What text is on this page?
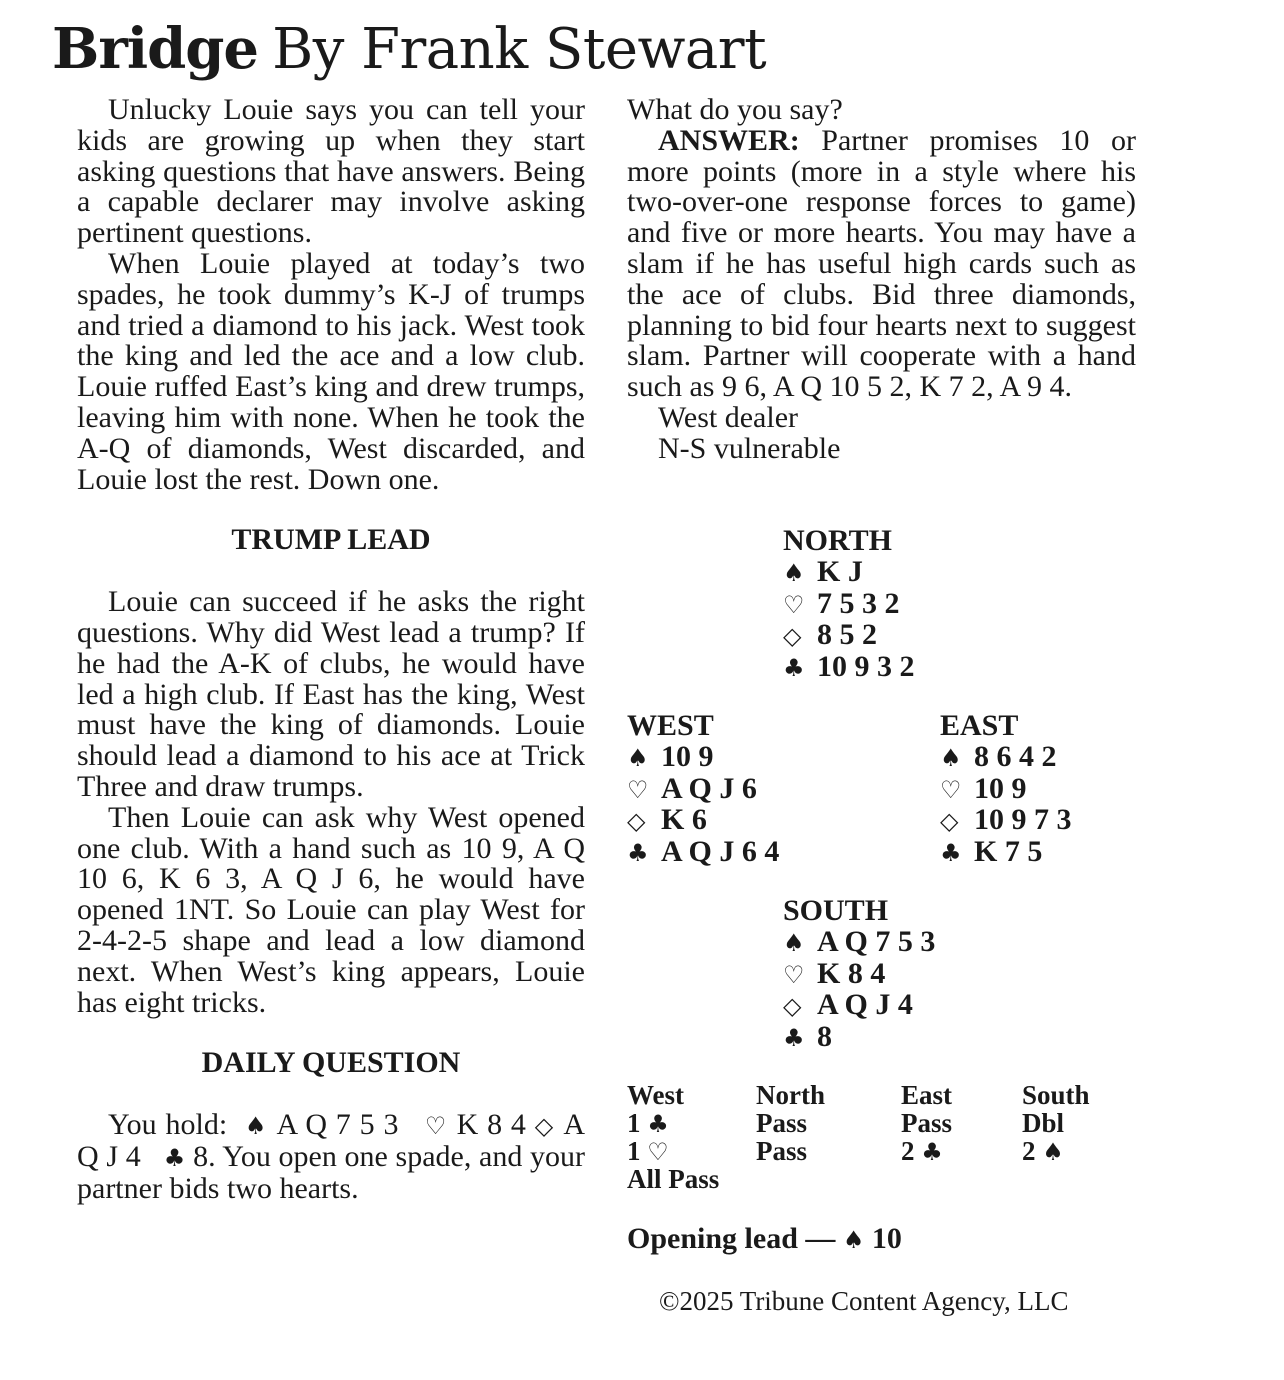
Bridge By Frank Stewart

Unlucky Louie says you can tell your kids are growing up when they start asking questions that have answers. Being a capable declarer may involve asking pertinent questions.

When Louie played at today’s two spades, he took dummy’s K-J of trumps and tried a diamond to his jack. West took the king and led the ace and a low club. Louie ruffed East’s king and drew trumps, leaving him with none. When he took the A-Q of diamonds, West discarded, and Louie lost the rest. Down one.

TRUMP LEAD

Louie can succeed if he asks the right questions. Why did West lead a trump? If he had the A-K of clubs, he would have led a high club. If East has the king, West must have the king of diamonds. Louie should lead a diamond to his ace at Trick Three and draw trumps.

Then Louie can ask why West opened one club. With a hand such as 10 9, A Q 10 6, K 6 3, A Q J 6, he would have opened 1NT. So Louie can play West for 2-4-2-5 shape and lead a low diamond next. When West’s king appears, Louie has eight tricks.

DAILY QUESTION

You hold: ♠ A Q 7 5 3 ♡ K 8 4 ◇ A Q J 4 ♣ 8. You open one spade, and your partner bids two hearts.

What do you say?

ANSWER: Partner promises 10 or more points (more in a style where his two-over-one response forces to game) and five or more hearts. You may have a slam if he has useful high cards such as the ace of clubs. Bid three diamonds, planning to bid four hearts next to suggest slam. Partner will cooperate with a hand such as 9 6, A Q 10 5 2, K 7 2, A 9 4.

West dealer
N-S vulnerable
NORTH
♠ K J
♡ 7 5 3 2
◇ 8 5 2
♣ 10 9 3 2
WEST
♠ 10 9
♡ A Q J 6
◇ K 6
♣ A Q J 6 4
EAST
♠ 8 6 4 2
♡ 10 9
◇ 10 9 7 3
♣ K 7 5
SOUTH
♠ A Q 7 5 3
♡ K 8 4
◇ A Q J 4
♣ 8
West	North	East	South
1 ♣	Pass	Pass	Dbl
1 ♡	Pass	2 ♣	2 ♠
All Pass
Opening lead — ♠ 10
©2025 Tribune Content Agency, LLC
